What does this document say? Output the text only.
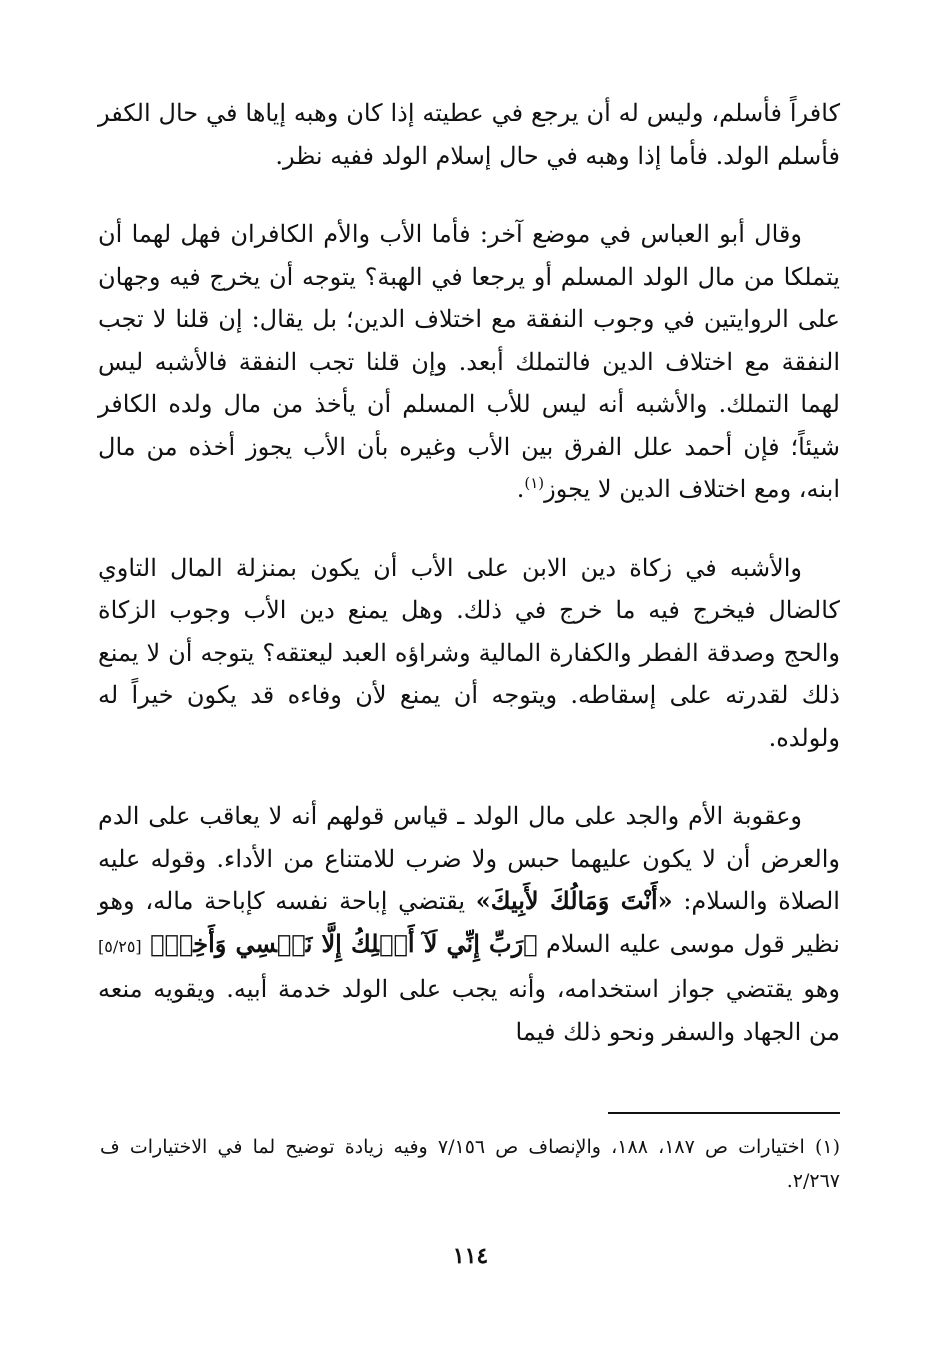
كافراً فأسلم، وليس له أن يرجع في عطيته إذا كان وهبه إياها في حال الكفر فأسلم الولد. فأما إذا وهبه في حال إسلام الولد ففيه نظر.

وقال أبو العباس في موضع آخر: فأما الأب والأم الكافران فهل لهما أن يتملكا من مال الولد المسلم أو يرجعا في الهبة؟ يتوجه أن يخرج فيه وجهان على الروايتين في وجوب النفقة مع اختلاف الدين؛ بل يقال: إن قلنا لا تجب النفقة مع اختلاف الدين فالتملك أبعد. وإن قلنا تجب النفقة فالأشبه ليس لهما التملك. والأشبه أنه ليس للأب المسلم أن يأخذ من مال ولده الكافر شيئاً؛ فإن أحمد علل الفرق بين الأب وغيره بأن الأب يجوز أخذه من مال ابنه، ومع اختلاف الدين لا يجوز$^{(١)}$.

والأشبه في زكاة دين الابن على الأب أن يكون بمنزلة المال التاوي كالضال فيخرج فيه ما خرج في ذلك. وهل يمنع دين الأب وجوب الزكاة والحج وصدقة الفطر والكفارة المالية وشراؤه العبد ليعتقه؟ يتوجه أن لا يمنع ذلك لقدرته على إسقاطه. ويتوجه أن يمنع لأن وفاءه قد يكون خيراً له ولولده.

وعقوبة الأم والجد على مال الولد ـ قياس قولهم أنه لا يعاقب على الدم والعرض أن لا يكون عليهما حبس ولا ضرب للامتناع من الأداء. وقوله عليه الصلاة والسلام: «أَنْتَ وَمَالُكَ لأَبِيكَ» يقتضي إباحة نفسه كإباحة ماله، وهو نظير قول موسى عليه السلام ﴿رَبِّ إِنِّي لَآ أَمۡلِكُ إِلَّا نَفۡسِي وَأَخِيۖ﴾ [٥/٢٥] وهو يقتضي جواز استخدامه، وأنه يجب على الولد خدمة أبيه. ويقويه منعه من الجهاد والسفر ونحو ذلك فيما

(١) اختيارات ص ١٨٧، ١٨٨، والإنصاف ص ٧/١٥٦ وفيه زيادة توضيح لما في الاختيارات ف ٢/٢٦٧.

١١٤
